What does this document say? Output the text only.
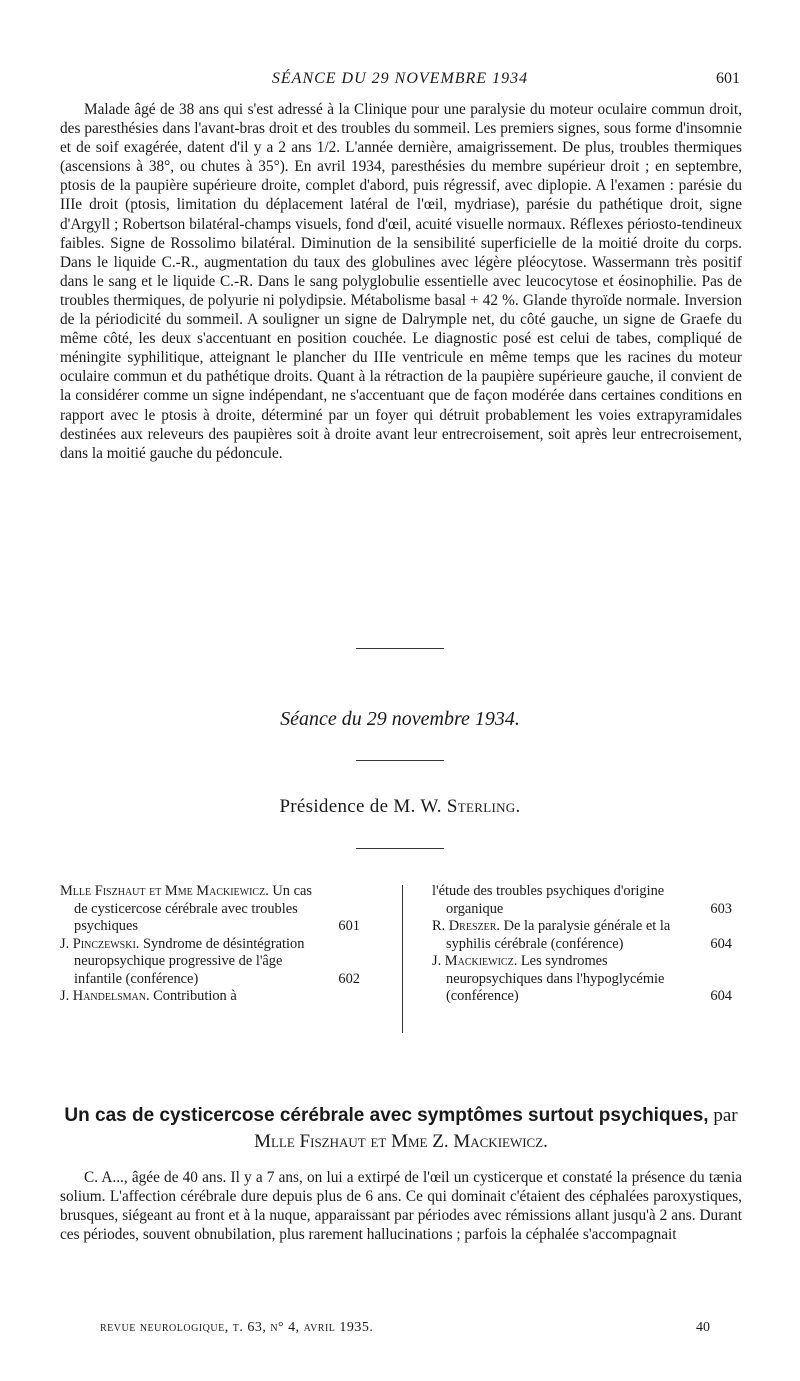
SÉANCE DU 29 NOVEMBRE 1934	601

Malade âgé de 38 ans qui s'est adressé à la Clinique pour une paralysie du moteur oculaire commun droit, des paresthésies dans l'avant-bras droit et des troubles du sommeil. Les premiers signes, sous forme d'insomnie et de soif exagérée, datent d'il y a 2 ans 1/2. L'année dernière, amaigrissement. De plus, troubles thermiques (ascensions à 38°, ou chutes à 35°). En avril 1934, paresthésies du membre supérieur droit ; en septembre, ptosis de la paupière supérieure droite, complet d'abord, puis régressif, avec diplopie. A l'examen : parésie du IIIe droit (ptosis, limitation du déplacement latéral de l'œil, mydriase), parésie du pathétique droit, signe d'Argyll ; Robertson bilatéral-champs visuels, fond d'œil, acuité visuelle normaux. Réflexes périosto-tendineux faibles. Signe de Rossolimo bilatéral. Diminution de la sensibilité superficielle de la moitié droite du corps. Dans le liquide C.-R., augmentation du taux des globulines avec légère pléocytose. Wassermann très positif dans le sang et le liquide C.-R. Dans le sang polyglobulie essentielle avec leucocytose et éosinophilie. Pas de troubles thermiques, de polyurie ni polydipsie. Métabolisme basal + 42 %. Glande thyroïde normale. Inversion de la périodicité du sommeil. A souligner un signe de Dalrymple net, du côté gauche, un signe de Graefe du même côté, les deux s'accentuant en position couchée. Le diagnostic posé est celui de tabes, compliqué de méningite syphilitique, atteignant le plancher du IIIe ventricule en même temps que les racines du moteur oculaire commun et du pathétique droits. Quant à la rétraction de la paupière supérieure gauche, il convient de la considérer comme un signe indépendant, ne s'accentuant que de façon modérée dans certaines conditions en rapport avec le ptosis à droite, déterminé par un foyer qui détruit probablement les voies extrapyramidales destinées aux releveurs des paupières soit à droite avant leur entrecroisement, soit après leur entrecroisement, dans la moitié gauche du pédoncule.

Séance du 29 novembre 1934.
Présidence de M. W. Sterling.
Mlle Fiszhaut et Mme Mackiewicz. Un cas de cysticercose cérébrale avec troubles psychiques	601
J. Pinczewski. Syndrome de désintégration neuropsychique progressive de l'âge infantile (conférence)	602
J. Handelsman. Contribution à
l'étude des troubles psychiques d'origine organique	603
R. Dreszer. De la paralysie générale et la syphilis cérébrale (conférence)	604
J. Mackiewicz. Les syndromes neuropsychiques dans l'hypoglycémie (conférence)	604
Un cas de cysticercose cérébrale avec symptômes surtout psychiques, par Mlle Fiszhaut et Mme Z. Mackiewicz.

C. A..., âgée de 40 ans. Il y a 7 ans, on lui a extirpé de l'œil un cysticerque et constaté la présence du tænia solium. L'affection cérébrale dure depuis plus de 6 ans. Ce qui dominait c'étaient des céphalées paroxystiques, brusques, siégeant au front et à la nuque, apparaissant par périodes avec rémissions allant jusqu'à 2 ans. Durant ces périodes, souvent obnubilation, plus rarement hallucinations ; parfois la céphalée s'accompagnait

revue neurologique, t. 63, n° 4, avril 1935.	40
